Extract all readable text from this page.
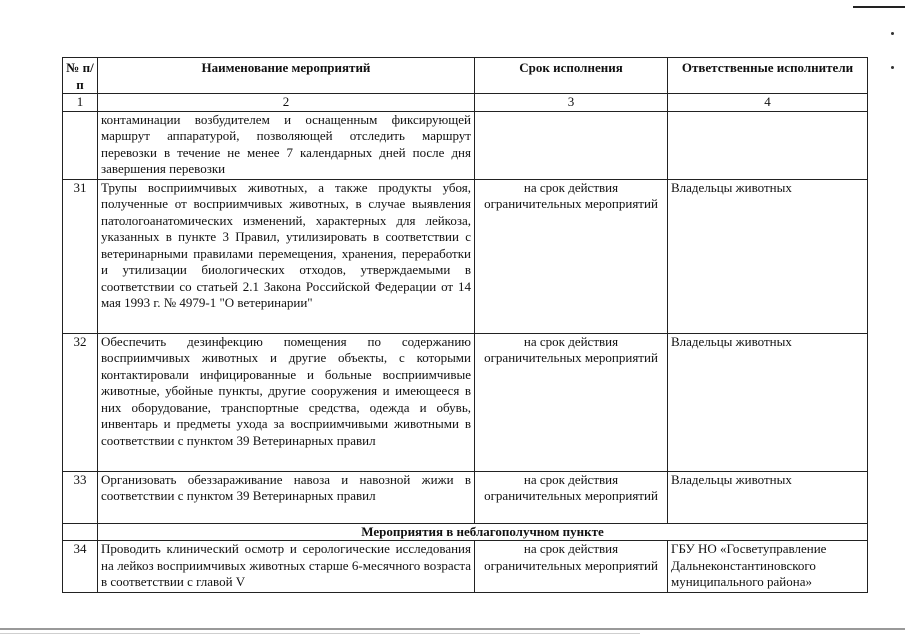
№ п/п	Наименование мероприятий	Срок исполнения	Ответственные исполнители
1	2	3	4
	контаминации возбудителем и оснащенным фиксирующей маршрут аппаратурой, позволяющей отследить маршрут перевозки в течение не менее 7 календарных дней после дня завершения перевозки		
31	Трупы восприимчивых животных, а также продукты убоя, полученные от восприимчивых животных, в случае выявления патологоанатомических изменений, характерных для лейкоза, указанных в пункте 3 Правил, утилизировать в соответствии с ветеринарными правилами перемещения, хранения, переработки и утилизации биологических отходов, утверждаемыми в соответствии со статьей 2.1 Закона Российской Федерации от 14 мая 1993 г. № 4979-1 "О ветеринарии"	на срок действия ограничительных мероприятий	Владельцы животных
32	Обеспечить дезинфекцию помещения по содержанию восприимчивых животных и другие объекты, с которыми контактировали инфицированные и больные восприимчивые животные, убойные пункты, другие сооружения и имеющееся в них оборудование, транспортные средства, одежда и обувь, инвентарь и предметы ухода за восприимчивыми животными в соответствии с пунктом 39 Ветеринарных правил	на срок действия ограничительных мероприятий	Владельцы животных
33	Организовать обеззараживание навоза и навозной жижи в соответствии с пунктом 39 Ветеринарных правил	на срок действия ограничительных мероприятий	Владельцы животных
	Мероприятия в неблагополучном пункте		
34	Проводить клинический осмотр и серологические исследования на лейкоз восприимчивых животных старше 6-месячного возраста в соответствии с главой V	на срок действия ограничительных мероприятий	ГБУ НО «Госветуправление Дальнеконстантиновского муниципального района»
